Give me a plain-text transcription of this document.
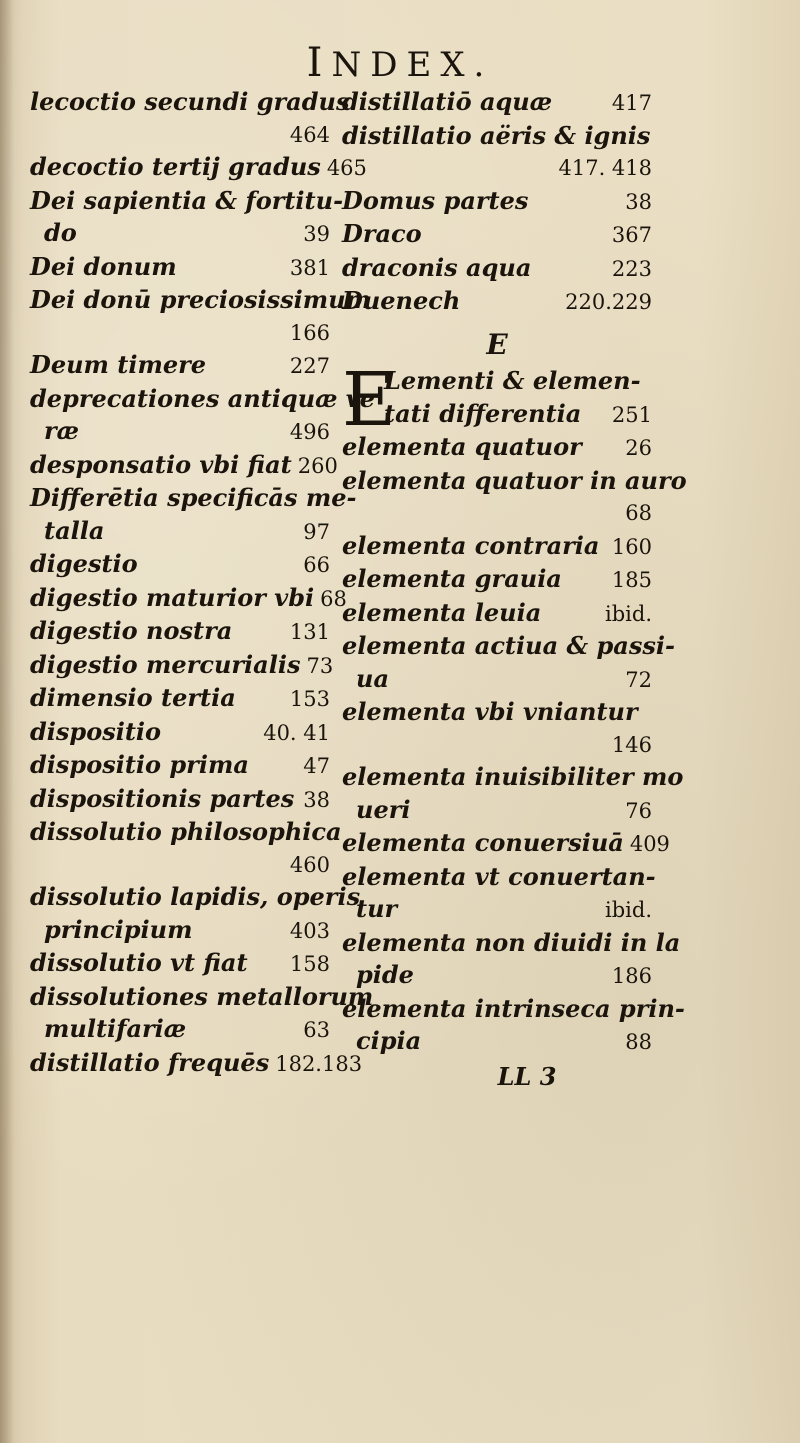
INDEX.
lecoctio secundi gradus
464
decoctio tertij gradus 465
Dei sapientia & fortitu-
do	39
Dei donum	381
Dei donū preciosissimum
166
Deum timere	227
deprecationes antiquæ ve
ræ	496
desponsatio vbi fiat 260
Differētia specificās me-
talla	97
digestio	66
digestio maturior vbi 68
digestio nostra	131
digestio mercurialis 73
dimensio tertia	153
dispositio	40. 41
dispositio prima	47
dispositionis partes 38
dissolutio philosophica
460
dissolutio lapidis, operis
principium	403
dissolutio vt fiat 158
dissolutiones metallorum
multifariæ	63
distillatio frequēs 182.183
distillatiō aquæ	417
distillatio aëris & ignis
417. 418
Domus partes	38
Draco	367
draconis aqua	223
Duenech	220.229
E
E
Lementi & elemen-
tati differentia 251
elementa quatuor 26
elementa quatuor in auro
68
elementa contraria 160
elementa grauia 185
elementa leuia	ibid.
elementa actiua & passi-
ua	72
elementa vbi vniantur
146
elementa inuisibiliter mo
ueri	76
elementa conuersiuā 409
elementa vt conuertan-
tur	ibid.
elementa non diuidi in la
pide	186
elementa intrinseca prin-
cipia	88
LL 3
